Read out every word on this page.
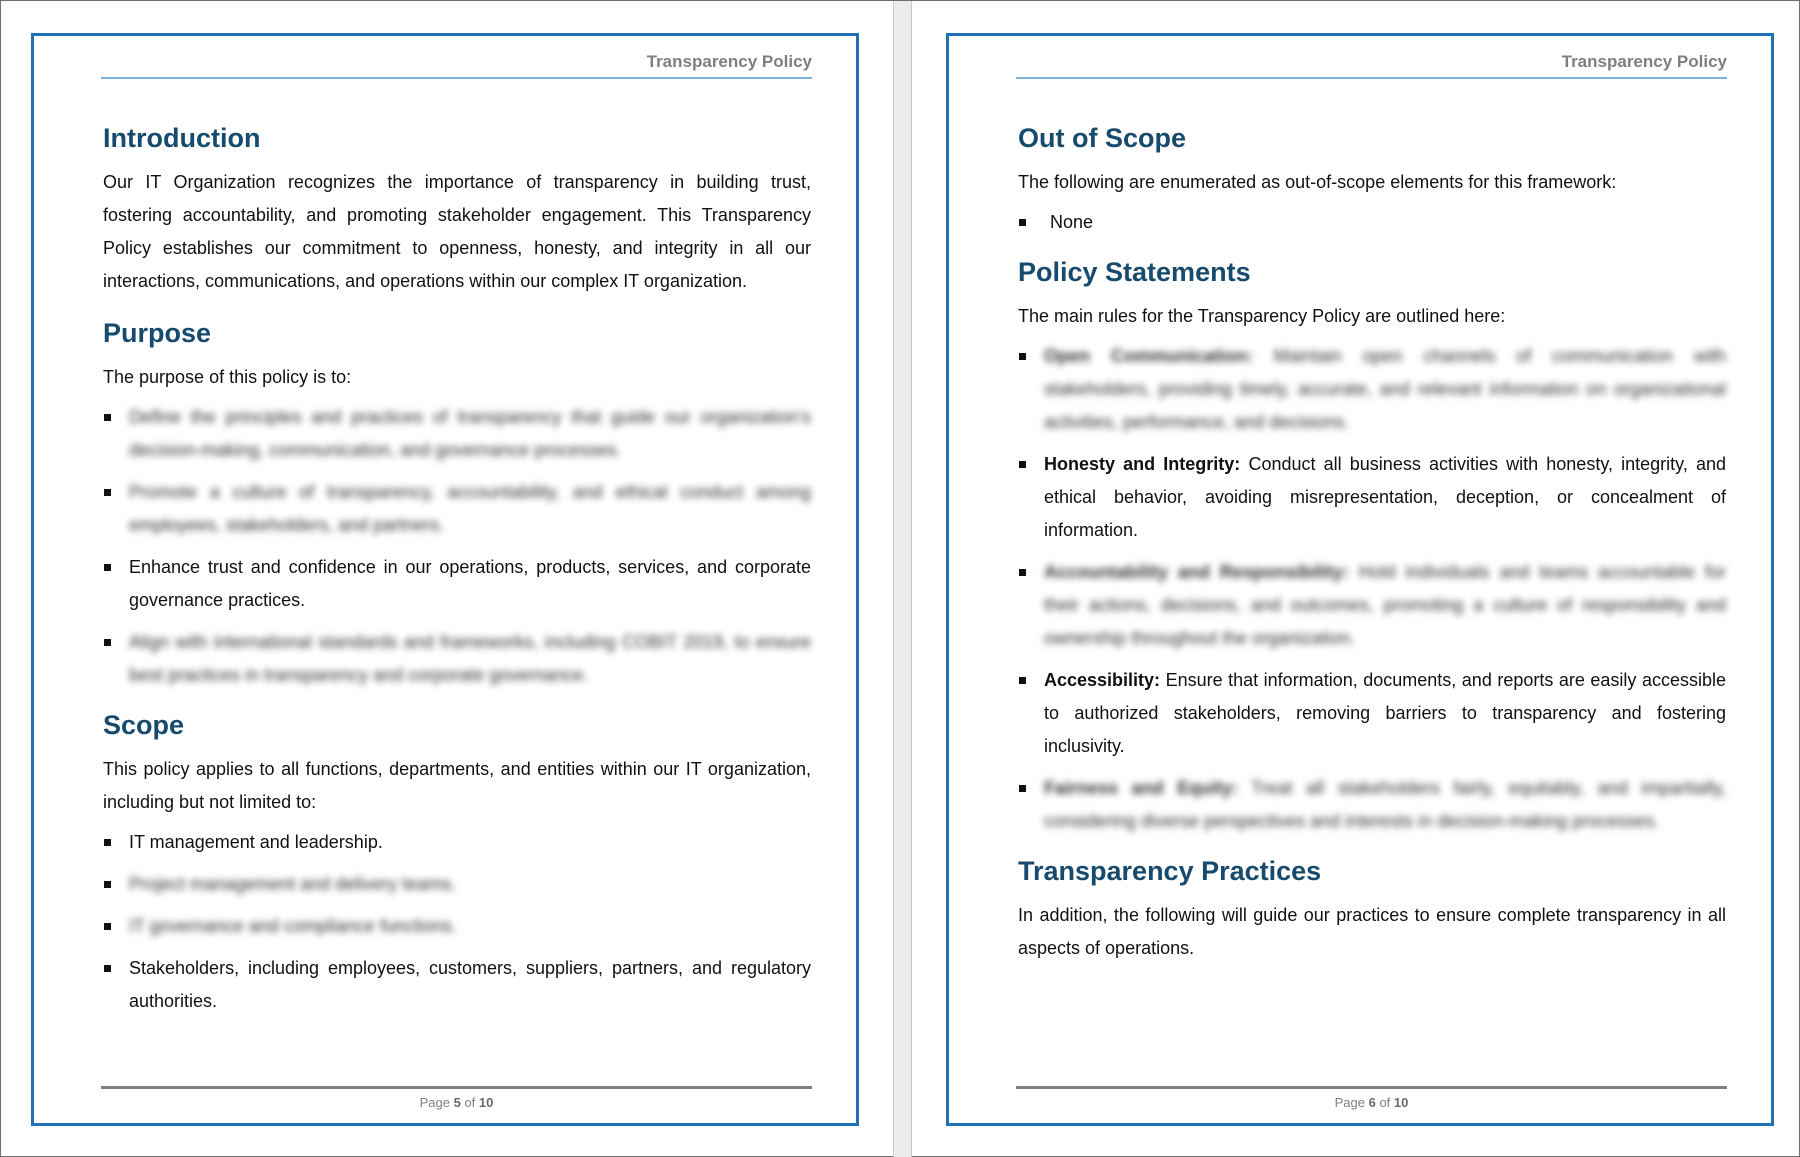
Transparency Policy
Introduction

Our IT Organization recognizes the importance of transparency in building trust, fostering accountability, and promoting stakeholder engagement. This Transparency Policy establishes our commitment to openness, honesty, and integrity in all our interactions, communications, and operations within our complex IT organization.

Purpose

The purpose of this policy is to:

Define the principles and practices of transparency that guide our organization's decision-making, communication, and governance processes.
Promote a culture of transparency, accountability, and ethical conduct among employees, stakeholders, and partners.
Enhance trust and confidence in our operations, products, services, and corporate governance practices.
Align with international standards and frameworks, including COBIT 2019, to ensure best practices in transparency and corporate governance.
Scope

This policy applies to all functions, departments, and entities within our IT organization, including but not limited to:

IT management and leadership.
Project management and delivery teams.
IT governance and compliance functions.
Stakeholders, including employees, customers, suppliers, partners, and regulatory authorities.
Page 5 of 10
Transparency Policy
Out of Scope

The following are enumerated as out-of-scope elements for this framework:

None
Policy Statements

The main rules for the Transparency Policy are outlined here:

Open Communication: Maintain open channels of communication with stakeholders, providing timely, accurate, and relevant information on organizational activities, performance, and decisions.
Honesty and Integrity: Conduct all business activities with honesty, integrity, and ethical behavior, avoiding misrepresentation, deception, or concealment of information.
Accountability and Responsibility: Hold individuals and teams accountable for their actions, decisions, and outcomes, promoting a culture of responsibility and ownership throughout the organization.
Accessibility: Ensure that information, documents, and reports are easily accessible to authorized stakeholders, removing barriers to transparency and fostering inclusivity.
Fairness and Equity: Treat all stakeholders fairly, equitably, and impartially, considering diverse perspectives and interests in decision-making processes.
Transparency Practices

In addition, the following will guide our practices to ensure complete transparency in all aspects of operations.

Page 6 of 10
